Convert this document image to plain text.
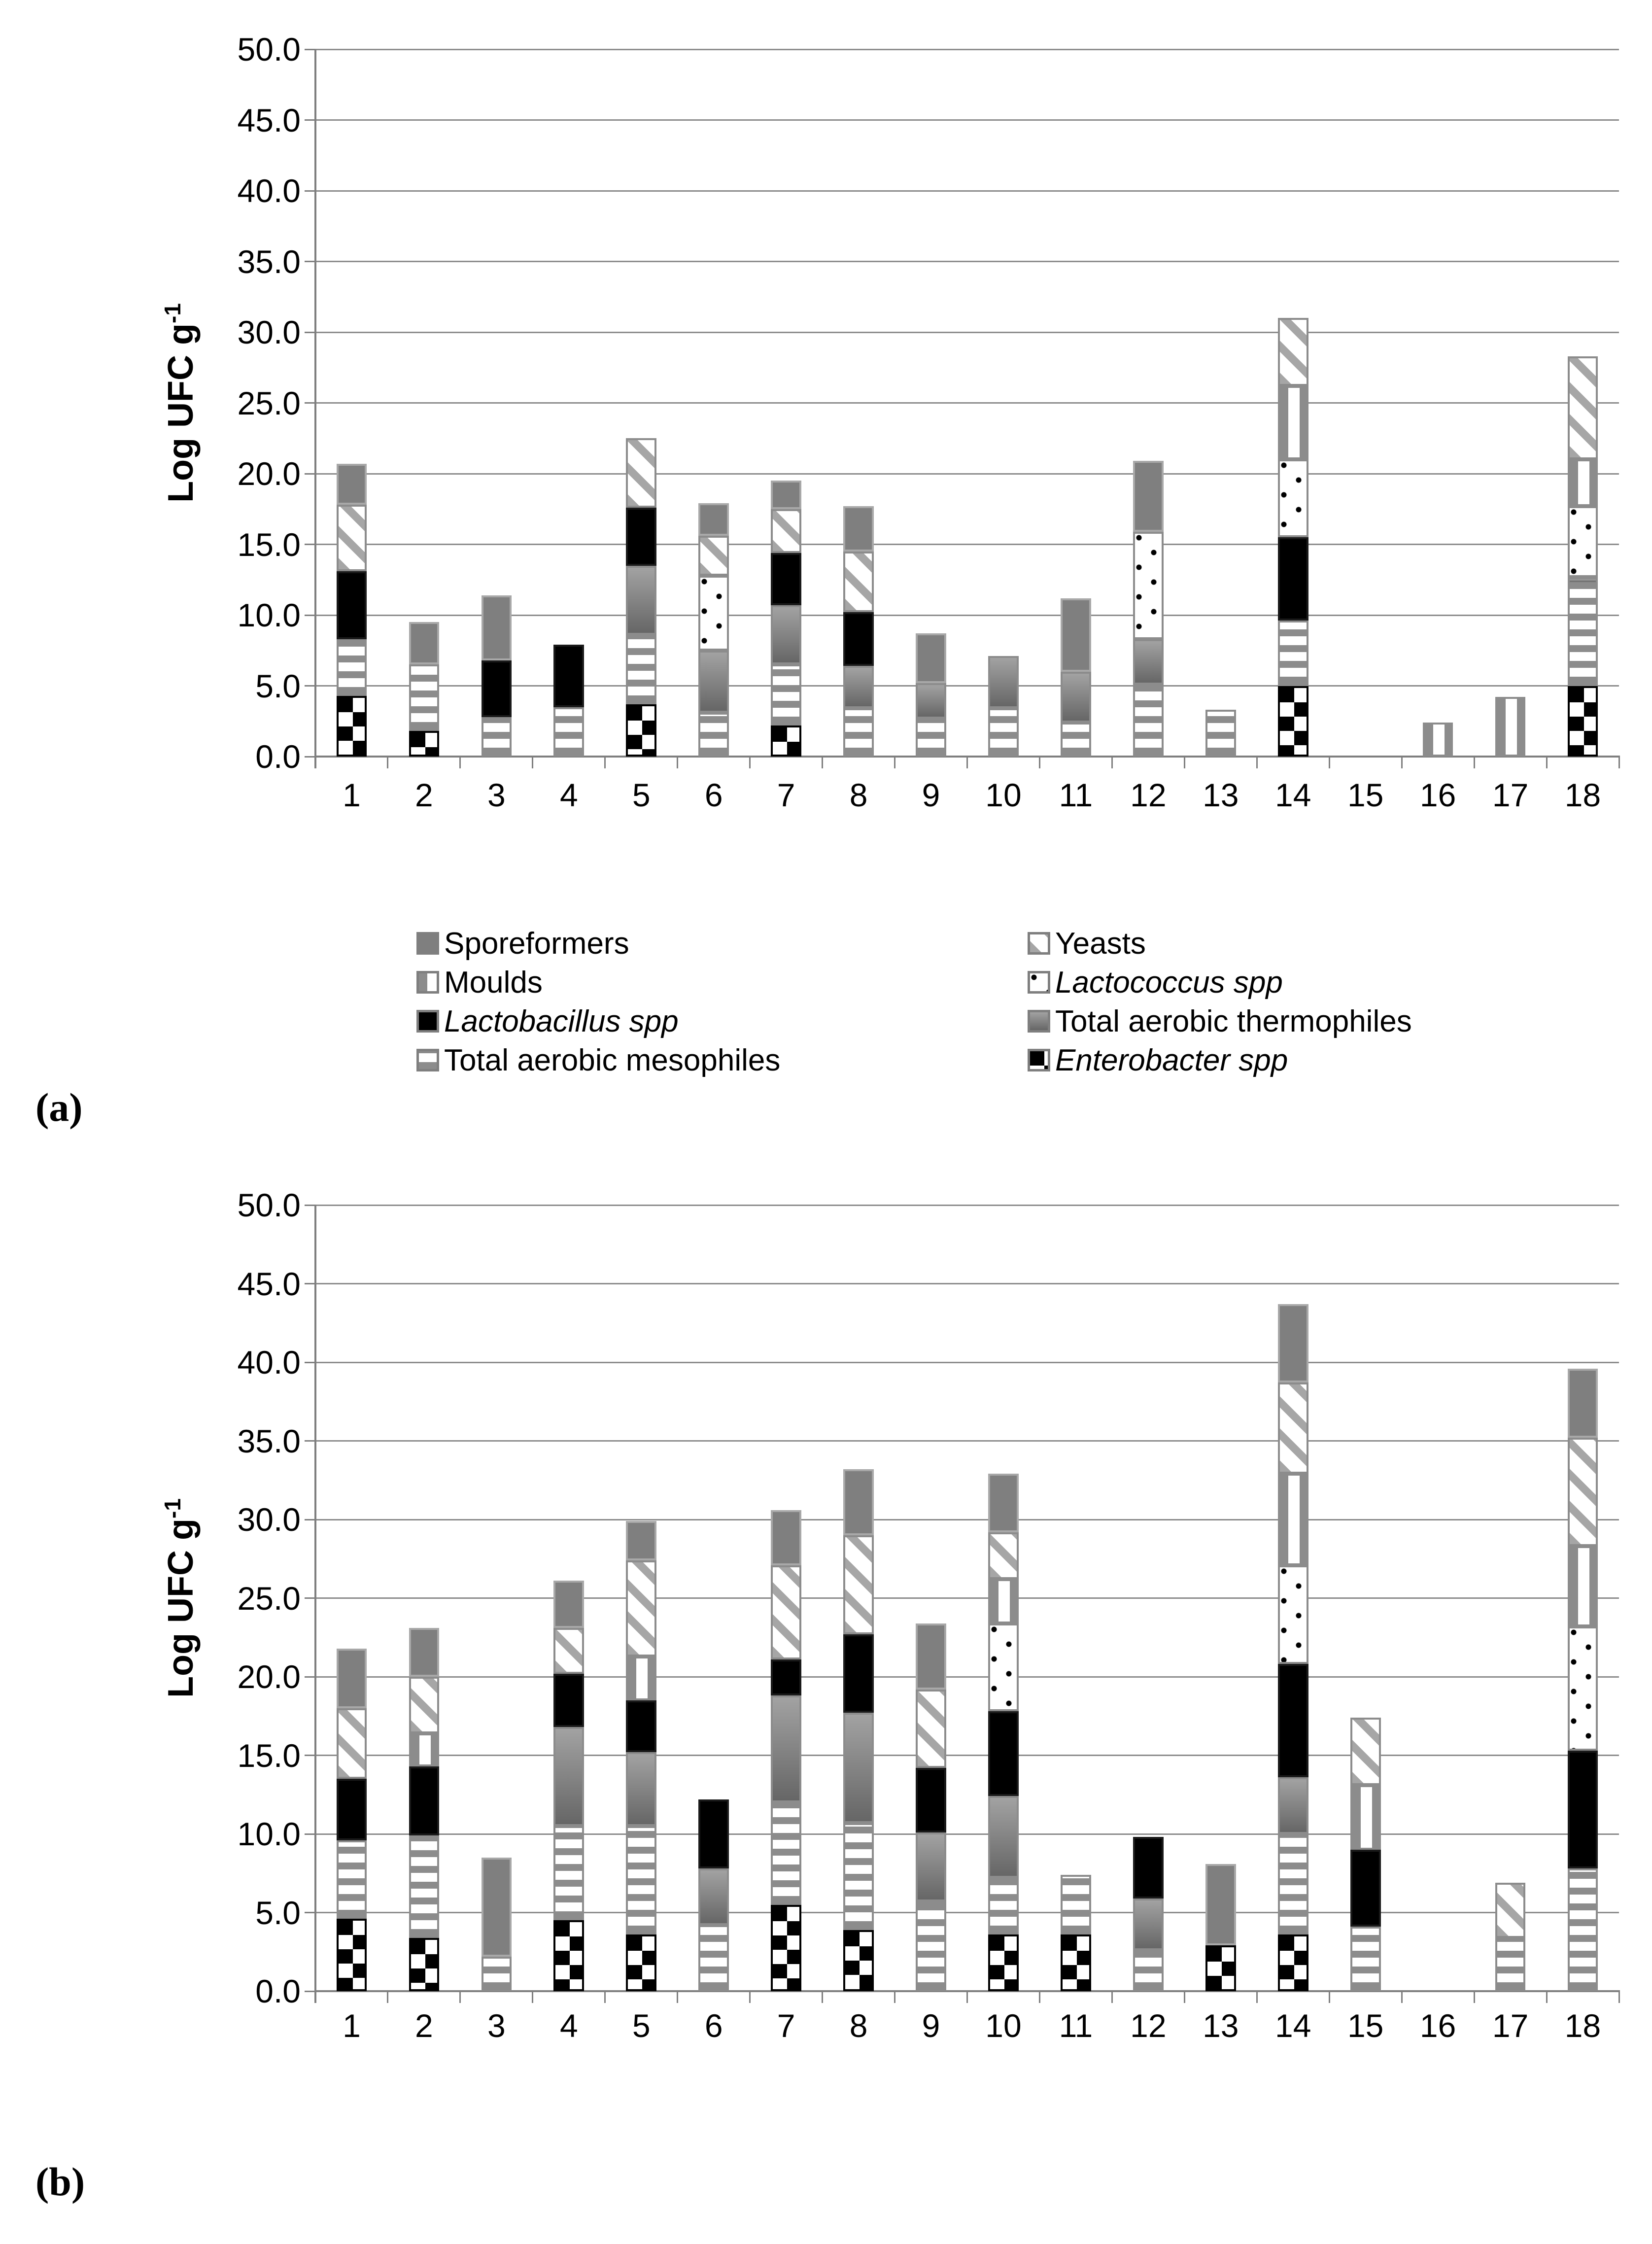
0.0
5.0
10.0
15.0
20.0
25.0
30.0
35.0
40.0
45.0
50.0
1	2	3	4	5	6	7	8	9	10	11	12	13	14	15	16	17	18
0.0
5.0
10.0
15.0
20.0
25.0
30.0
35.0
40.0
45.0
50.0
1	2	3	4	5	6	7	8	9	10	11	12	13	14	15	16	17	18
Log UFC $g^{-1}$
Log UFC $g^{-1}$
Sporeformers
Moulds
Lactobacillus spp
Total aerobic mesophiles
Yeasts
Lactococcus spp
Total aerobic thermophiles
Enterobacter spp
(a)
(b)
